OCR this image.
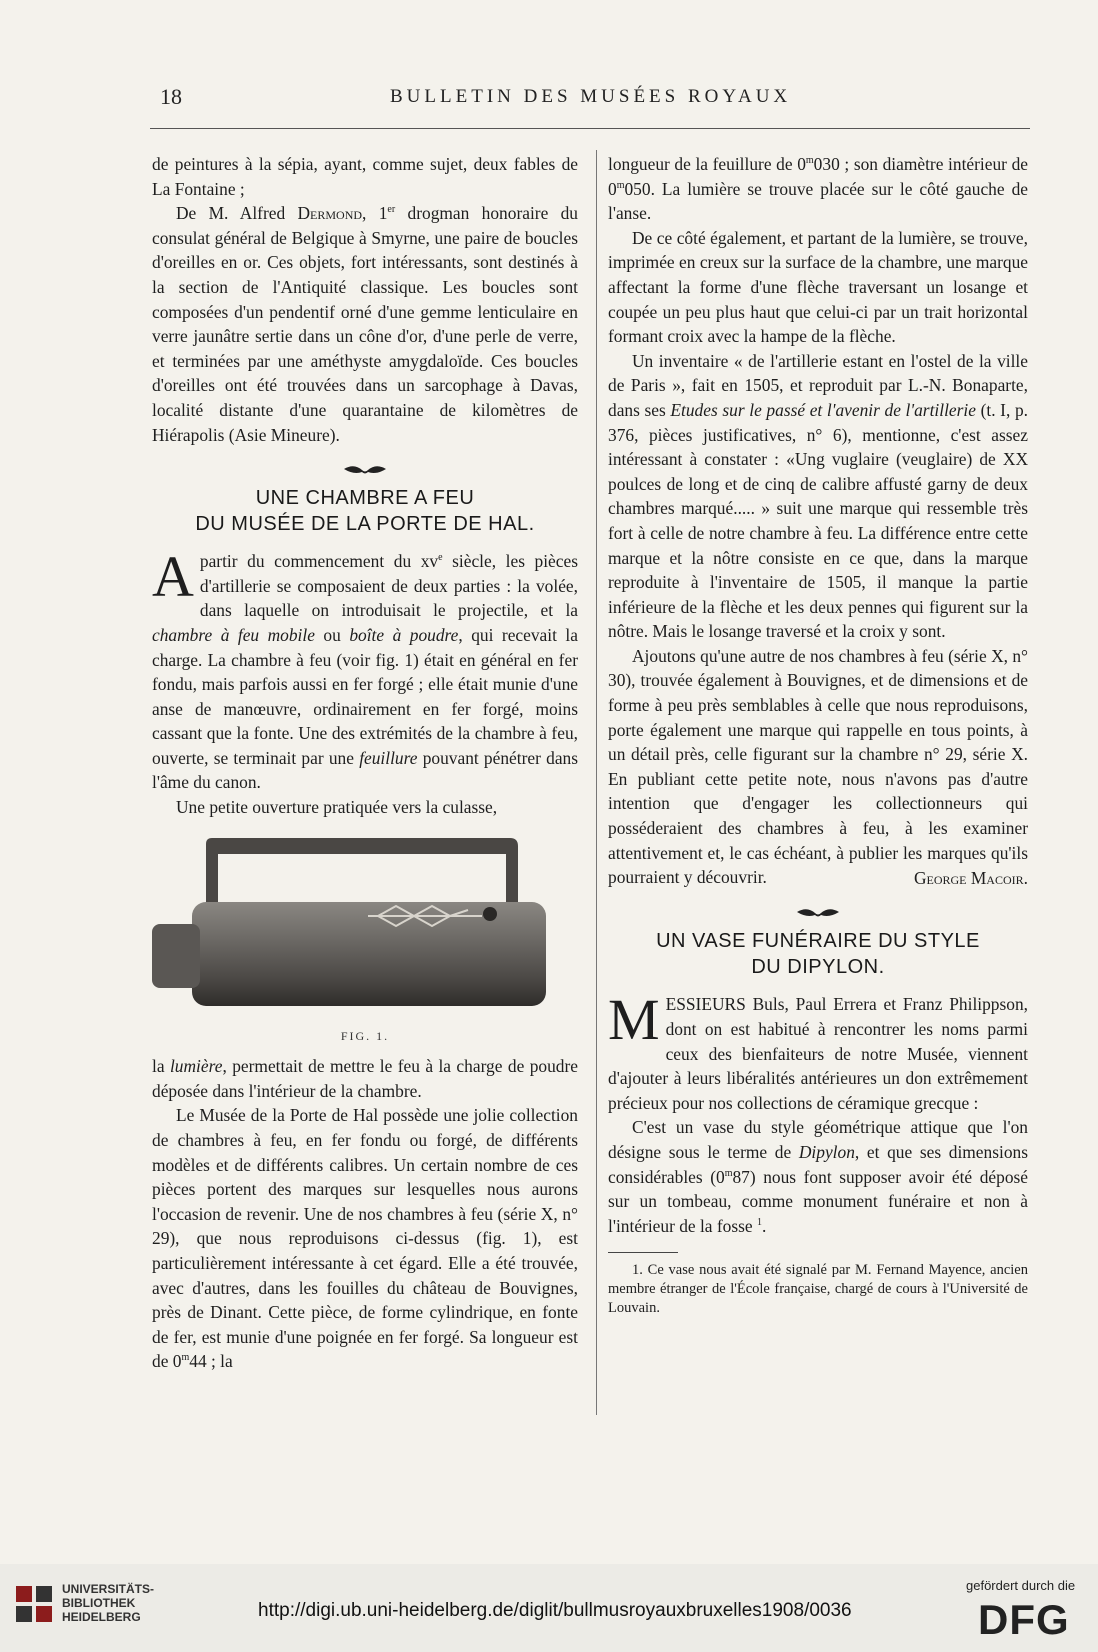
18	BULLETIN DES MUSÉES ROYAUX

de peintures à la sépia, ayant, comme sujet, deux fables de La Fontaine ;

De M. Alfred Dermond, 1er drogman honoraire du consulat général de Belgique à Smyrne, une paire de boucles d'oreilles en or. Ces objets, fort intéressants, sont destinés à la section de l'Antiquité classique. Les boucles sont composées d'un pendentif orné d'une gemme lenticulaire en verre jaunâtre sertie dans un cône d'or, d'une perle de verre, et terminées par une améthyste amygdaloïde. Ces boucles d'oreilles ont été trouvées dans un sarcophage à Davas, localité distante d'une quarantaine de kilomètres de Hiérapolis (Asie Mineure).

UNE CHAMBRE A FEU
DU MUSÉE DE LA PORTE DE HAL.

Apartir du commencement du $xv^e$ siècle, les pièces d'artillerie se composaient de deux parties : la volée, dans laquelle on introduisait le projectile, et la chambre à feu mobile ou boîte à poudre, qui recevait la charge. La chambre à feu (voir fig. 1) était en général en fer fondu, mais parfois aussi en fer forgé ; elle était munie d'une anse de manœuvre, ordinairement en fer forgé, moins cassant que la fonte. Une des extrémités de la chambre à feu, ouverte, se terminait par une feuillure pouvant pénétrer dans l'âme du canon.

Une petite ouverture pratiquée vers la culasse,

FIG. 1.

la lumière, permettait de mettre le feu à la charge de poudre déposée dans l'intérieur de la chambre.

Le Musée de la Porte de Hal possède une jolie collection de chambres à feu, en fer fondu ou forgé, de différents modèles et de différents calibres. Un certain nombre de ces pièces portent des marques sur lesquelles nous aurons l'occasion de revenir. Une de nos chambres à feu (série X, n° 29), que nous reproduisons ci-dessus (fig. 1), est particulièrement intéressante à cet égard. Elle a été trouvée, avec d'autres, dans les fouilles du château de Bouvignes, près de Dinant. Cette pièce, de forme cylindrique, en fonte de fer, est munie d'une poignée en fer forgé. Sa longueur est de 0$^m$44 ; la

longueur de la feuillure de 0$^m$030 ; son diamètre intérieur de 0$^m$050. La lumière se trouve placée sur le côté gauche de l'anse.

De ce côté également, et partant de la lumière, se trouve, imprimée en creux sur la surface de la chambre, une marque affectant la forme d'une flèche traversant un losange et coupée un peu plus haut que celui-ci par un trait horizontal formant croix avec la hampe de la flèche.

Un inventaire « de l'artillerie estant en l'ostel de la ville de Paris », fait en 1505, et reproduit par L.-N. Bonaparte, dans ses Etudes sur le passé et l'avenir de l'artillerie (t. I, p. 376, pièces justificatives, n° 6), mentionne, c'est assez intéressant à constater : «Ung vuglaire (veuglaire) de XX poulces de long et de cinq de calibre affusté garny de deux chambres marqué..... » suit une marque qui ressemble très fort à celle de notre chambre à feu. La différence entre cette marque et la nôtre consiste en ce que, dans la marque reproduite à l'inventaire de 1505, il manque la partie inférieure de la flèche et les deux pennes qui figurent sur la nôtre. Mais le losange traversé et la croix y sont.

Ajoutons qu'une autre de nos chambres à feu (série X, n° 30), trouvée également à Bouvignes, et de dimensions et de forme à peu près semblables à celle que nous reproduisons, porte également une marque qui rappelle en tous points, à un détail près, celle figurant sur la chambre n° 29, série X. En publiant cette petite note, nous n'avons pas d'autre intention que d'engager les collectionneurs qui posséderaient des chambres à feu, à les examiner attentivement et, le cas échéant, à publier les marques qu'ils pourraient y découvrir.	George Macoir.
UN VASE FUNÉRAIRE DU STYLE
DU DIPYLON.

MESSIEURS Buls, Paul Errera et Franz Philippson, dont on est habitué à rencontrer les noms parmi ceux des bienfaiteurs de notre Musée, viennent d'ajouter à leurs libéralités antérieures un don extrêmement précieux pour nos collections de céramique grecque :

C'est un vase du style géométrique attique que l'on désigne sous le terme de Dipylon, et que ses dimensions considérables (0$^m$87) nous font supposer avoir été déposé sur un tombeau, comme monument funéraire et non à l'intérieur de la fosse $^1$.

1. Ce vase nous avait été signalé par M. Fernand Mayence, ancien membre étranger de l'École française, chargé de cours à l'Université de Louvain.

UNIVERSITÄTS-
BIBLIOTHEK
HEIDELBERG	http://digi.ub.uni-heidelberg.de/diglit/bullmusroyauxbruxelles1908/0036
gefördert durch die
DFG
